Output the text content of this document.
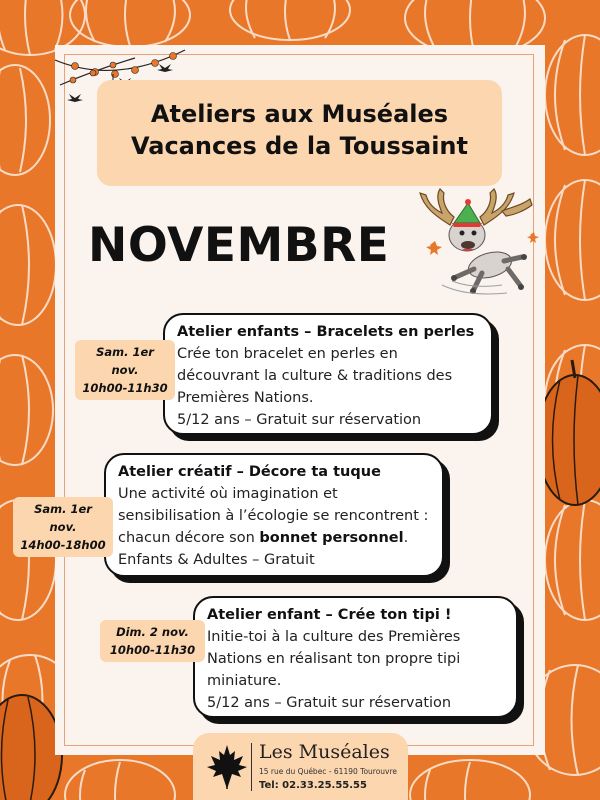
Ateliers aux Muséales
Vacances de la Toussaint
NOVEMBRE
Atelier enfants – Bracelets en perles
Crée ton bracelet en perles en
découvrant la culture & traditions des
Premières Nations.
5/12 ans – Gratuit sur réservation
Sam. 1er nov.
10h00-11h30
Atelier créatif – Décore ta tuque
Une activité où imagination et
sensibilisation à l’écologie se rencontrent :
chacun décore son bonnet personnel.
Enfants & Adultes – Gratuit
Sam. 1er nov.
14h00-18h00
Atelier enfant – Crée ton tipi !
Initie-toi à la culture des Premières
Nations en réalisant ton propre tipi
miniature.
5/12 ans – Gratuit sur réservation
Dim. 2 nov.
10h00-11h30
Les Muséales
15 rue du Québec - 61190 Tourouvre
Tel: 02.33.25.55.55
